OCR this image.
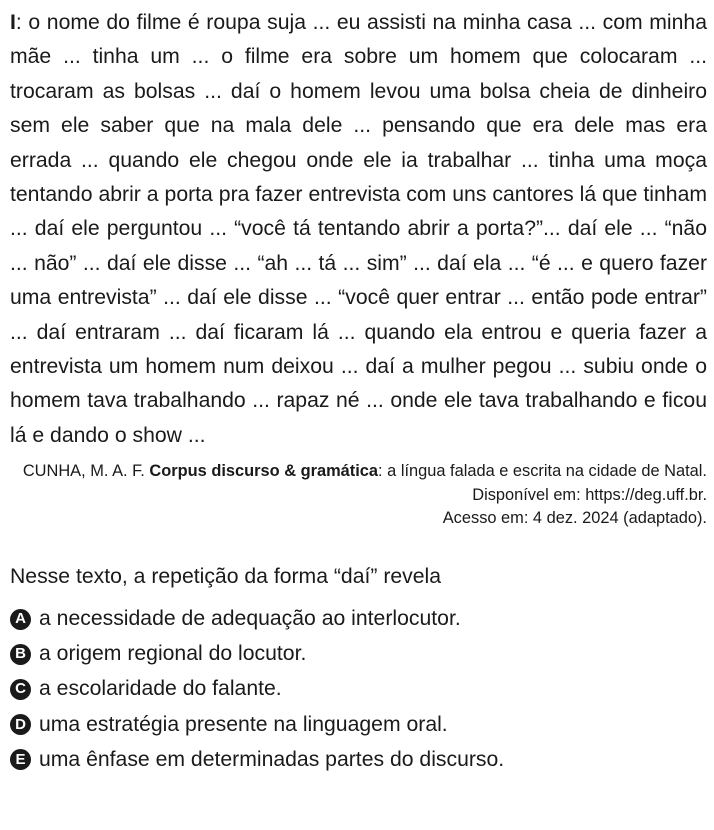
I: o nome do filme é roupa suja ... eu assisti na minha casa ... com minha mãe ... tinha um ... o filme era sobre um homem que colocaram ... trocaram as bolsas ... daí o homem levou uma bolsa cheia de dinheiro sem ele saber que na mala dele ... pensando que era dele mas era errada ... quando ele chegou onde ele ia trabalhar ... tinha uma moça tentando abrir a porta pra fazer entrevista com uns cantores lá que tinham ... daí ele perguntou ... “você tá tentando abrir a porta?”... daí ele ... “não ... não” ... daí ele disse ... “ah ... tá ... sim” ... daí ela ... “é ... e quero fazer uma entrevista” ... daí ele disse ... “você quer entrar ... então pode entrar” ... daí entraram ... daí ficaram lá ... quando ela entrou e queria fazer a entrevista um homem num deixou ... daí a mulher pegou ... subiu onde o homem tava trabalhando ... rapaz né ... onde ele tava trabalhando e ficou lá e dando o show ...

CUNHA, M. A. F. Corpus discurso & gramática: a língua falada e escrita na cidade de Natal. Disponível em: https://deg.uff.br.
Acesso em: 4 dez. 2024 (adaptado).
Nesse texto, a repetição da forma “daí” revela
A a necessidade de adequação ao interlocutor.
B a origem regional do locutor.
C a escolaridade do falante.
D uma estratégia presente na linguagem oral.
E uma ênfase em determinadas partes do discurso.
